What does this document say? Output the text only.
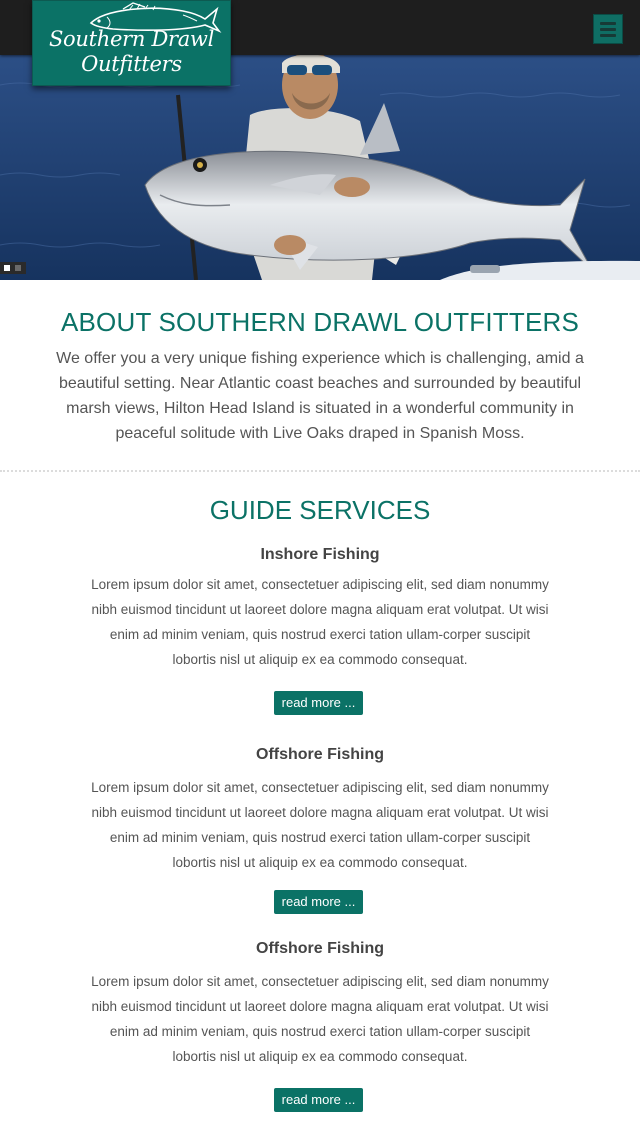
Southern Drawl
Outfitters
ABOUT SOUTHERN DRAWL OUTFITTERS

We offer you a very unique fishing experience which is challenging, amid a beautiful setting. Near Atlantic coast beaches and surrounded by beautiful marsh views, Hilton Head Island is situated in a wonderful community in peaceful solitude with Live Oaks draped in Spanish Moss.

GUIDE SERVICES
Inshore Fishing

Lorem ipsum dolor sit amet, consectetuer adipiscing elit, sed diam nonummy nibh euismod tincidunt ut laoreet dolore magna aliquam erat volutpat. Ut wisi enim ad minim veniam, quis nostrud exerci tation ullam-corper suscipit lobortis nisl ut aliquip ex ea commodo consequat.

read more ...
Offshore Fishing

Lorem ipsum dolor sit amet, consectetuer adipiscing elit, sed diam nonummy nibh euismod tincidunt ut laoreet dolore magna aliquam erat volutpat. Ut wisi enim ad minim veniam, quis nostrud exerci tation ullam-corper suscipit lobortis nisl ut aliquip ex ea commodo consequat.

read more ...
Offshore Fishing

Lorem ipsum dolor sit amet, consectetuer adipiscing elit, sed diam nonummy nibh euismod tincidunt ut laoreet dolore magna aliquam erat volutpat. Ut wisi enim ad minim veniam, quis nostrud exerci tation ullam-corper suscipit lobortis nisl ut aliquip ex ea commodo consequat.

read more ...
